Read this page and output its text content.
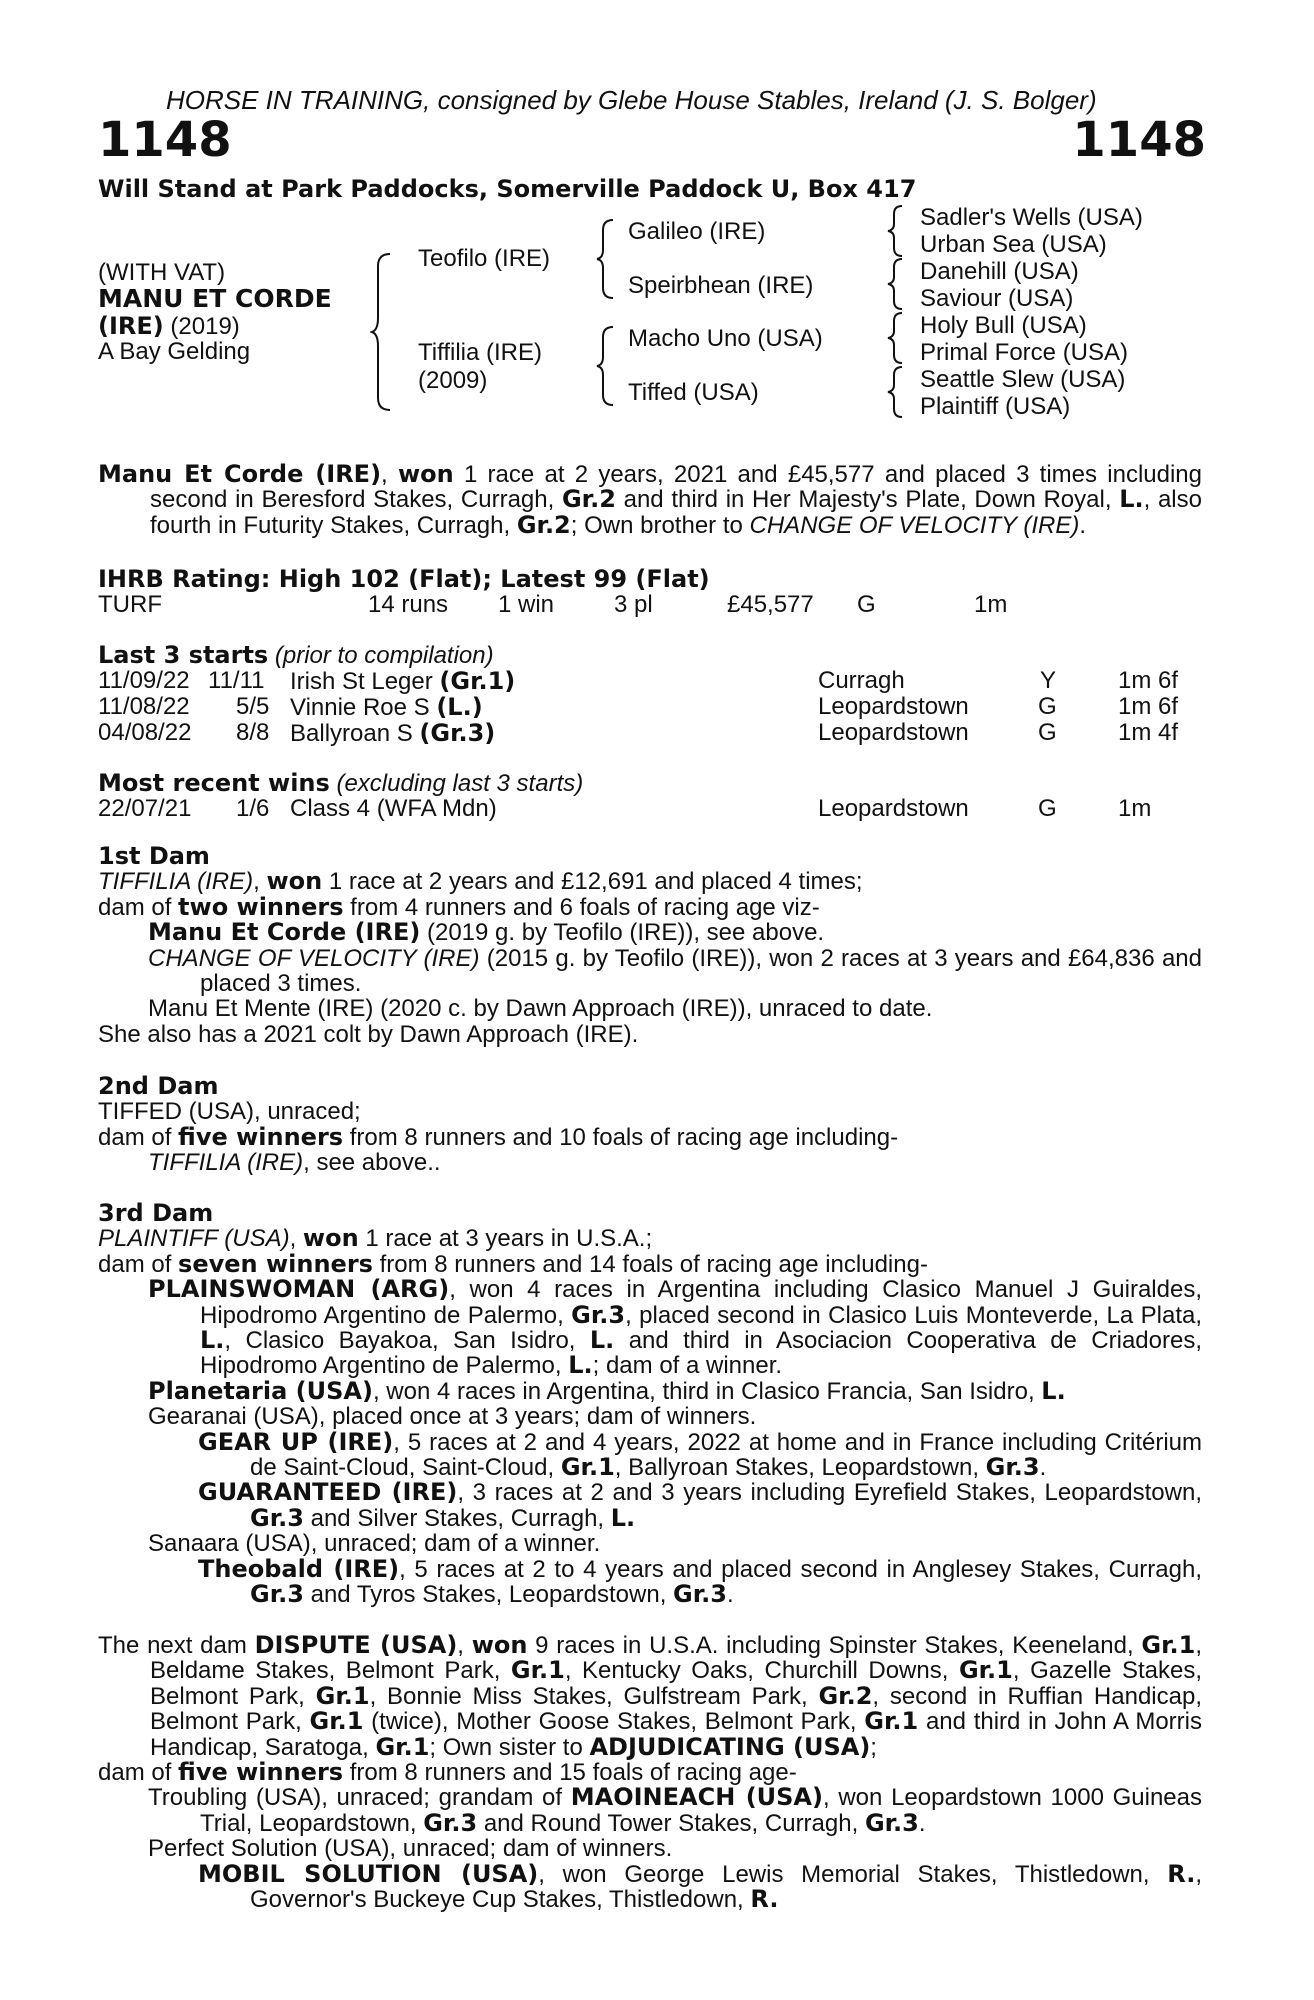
HORSE IN TRAINING, consigned by Glebe House Stables, Ireland (J. S. Bolger)
1148	1148
Will Stand at Park Paddocks, Somerville Paddock U, Box 417
(WITH VAT)
MANU ET CORDE
(IRE) (2019)
A Bay Gelding
Teofilo (IRE)
Tiffilia (IRE)
(2009)
Galileo (IRE)
Speirbhean (IRE)
Macho Uno (USA)
Tiffed (USA)
Sadler's Wells (USA)
Urban Sea (USA)
Danehill (USA)
Saviour (USA)
Holy Bull (USA)
Primal Force (USA)
Seattle Slew (USA)
Plaintiff (USA)

Manu Et Corde (IRE), won 1 race at 2 years, 2021 and £45,577 and placed 3 times including second in Beresford Stakes, Curragh, Gr.2 and third in Her Majesty's Plate, Down Royal, L., also fourth in Futurity Stakes, Curragh, Gr.2; Own brother to CHANGE OF VELOCITY (IRE).

IHRB Rating: High 102 (Flat); Latest 99 (Flat)
TURF	14 runs 1 win 3 pl	£45,577 G	1m
Last 3 starts (prior to compilation)
11/09/22 11/11 Irish St Leger (Gr.1)	Curragh	Y	1m 6f
11/08/22 5/5 Vinnie Roe S (L.)	Leopardstown	G	1m 6f
04/08/22 8/8 Ballyroan S (Gr.3)	Leopardstown	G	1m 4f
Most recent wins (excluding last 3 starts)
22/07/21 1/6 Class 4 (WFA Mdn)	Leopardstown	G	1m

1st Dam

TIFFILIA (IRE), won 1 race at 2 years and £12,691 and placed 4 times;

dam of two winners from 4 runners and 6 foals of racing age viz-

Manu Et Corde (IRE) (2019 g. by Teofilo (IRE)), see above.

CHANGE OF VELOCITY (IRE) (2015 g. by Teofilo (IRE)), won 2 races at 3 years and £64,836 and placed 3 times.

Manu Et Mente (IRE) (2020 c. by Dawn Approach (IRE)), unraced to date.

She also has a 2021 colt by Dawn Approach (IRE).

2nd Dam

TIFFED (USA), unraced;

dam of five winners from 8 runners and 10 foals of racing age including-

TIFFILIA (IRE), see above..

3rd Dam

PLAINTIFF (USA), won 1 race at 3 years in U.S.A.;

dam of seven winners from 8 runners and 14 foals of racing age including-

PLAINSWOMAN (ARG), won 4 races in Argentina including Clasico Manuel J Guiraldes, Hipodromo Argentino de Palermo, Gr.3, placed second in Clasico Luis Monteverde, La Plata, L., Clasico Bayakoa, San Isidro, L. and third in Asociacion Cooperativa de Criadores, Hipodromo Argentino de Palermo, L.; dam of a winner.

Planetaria (USA), won 4 races in Argentina, third in Clasico Francia, San Isidro, L.

Gearanai (USA), placed once at 3 years; dam of winners.

GEAR UP (IRE), 5 races at 2 and 4 years, 2022 at home and in France including Critérium de Saint-Cloud, Saint-Cloud, Gr.1, Ballyroan Stakes, Leopardstown, Gr.3.

GUARANTEED (IRE), 3 races at 2 and 3 years including Eyrefield Stakes, Leopardstown, Gr.3 and Silver Stakes, Curragh, L.

Sanaara (USA), unraced; dam of a winner.

Theobald (IRE), 5 races at 2 to 4 years and placed second in Anglesey Stakes, Curragh, Gr.3 and Tyros Stakes, Leopardstown, Gr.3.

The next dam DISPUTE (USA), won 9 races in U.S.A. including Spinster Stakes, Keeneland, Gr.1, Beldame Stakes, Belmont Park, Gr.1, Kentucky Oaks, Churchill Downs, Gr.1, Gazelle Stakes, Belmont Park, Gr.1, Bonnie Miss Stakes, Gulfstream Park, Gr.2, second in Ruffian Handicap, Belmont Park, Gr.1 (twice), Mother Goose Stakes, Belmont Park, Gr.1 and third in John A Morris Handicap, Saratoga, Gr.1; Own sister to ADJUDICATING (USA);

dam of five winners from 8 runners and 15 foals of racing age-

Troubling (USA), unraced; grandam of MAOINEACH (USA), won Leopardstown 1000 Guineas Trial, Leopardstown, Gr.3 and Round Tower Stakes, Curragh, Gr.3.

Perfect Solution (USA), unraced; dam of winners.

MOBIL SOLUTION (USA), won George Lewis Memorial Stakes, Thistledown, R., Governor's Buckeye Cup Stakes, Thistledown, R.
